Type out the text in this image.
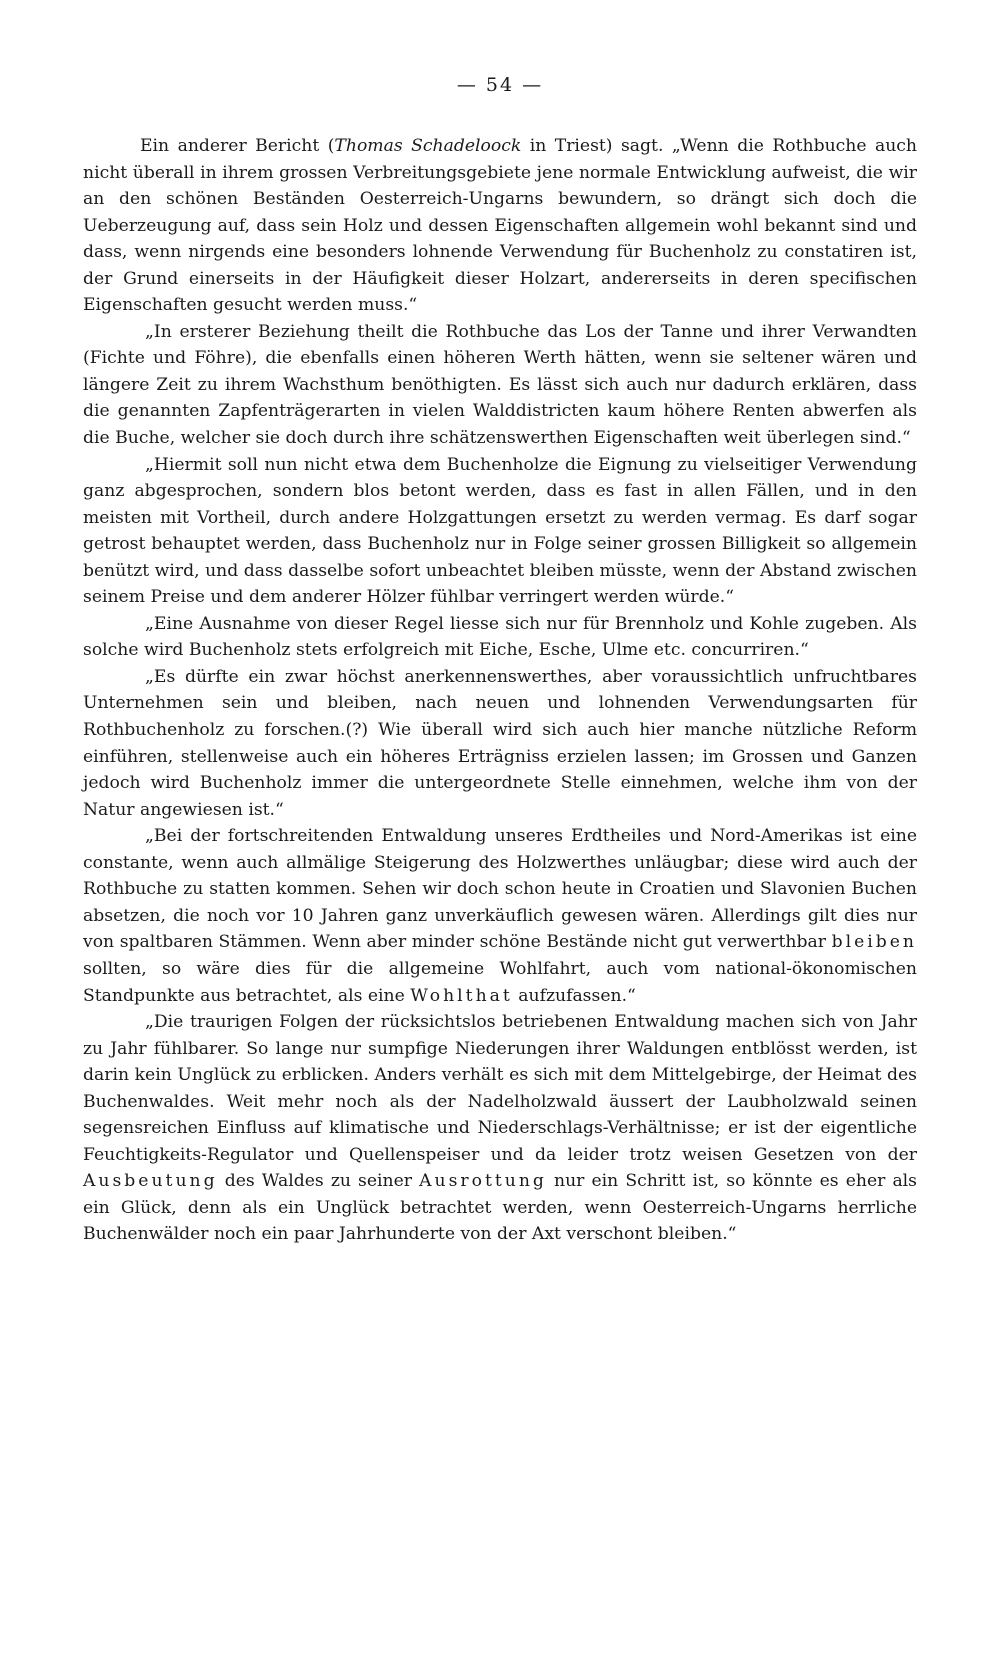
— 54 —

Ein anderer Bericht (Thomas Schadeloock in Triest) sagt. „Wenn die Rothbuche auch nicht überall in ihrem grossen Verbreitungsgebiete jene normale Entwicklung aufweist, die wir an den schönen Beständen Oesterreich-Ungarns bewundern, so drängt sich doch die Ueberzeugung auf, dass sein Holz und dessen Eigenschaften allgemein wohl bekannt sind und dass, wenn nirgends eine besonders lohnende Verwendung für Buchenholz zu constatiren ist, der Grund einerseits in der Häufigkeit dieser Holzart, andererseits in deren specifischen Eigenschaften gesucht werden muss.“

„In ersterer Beziehung theilt die Rothbuche das Los der Tanne und ihrer Verwandten (Fichte und Föhre), die ebenfalls einen höheren Werth hätten, wenn sie seltener wären und längere Zeit zu ihrem Wachsthum benöthigten. Es lässt sich auch nur dadurch erklären, dass die genannten Zapfenträgerarten in vielen Walddistricten kaum höhere Renten abwerfen als die Buche, welcher sie doch durch ihre schätzenswerthen Eigenschaften weit überlegen sind.“

„Hiermit soll nun nicht etwa dem Buchenholze die Eignung zu vielseitiger Verwendung ganz abgesprochen, sondern blos betont werden, dass es fast in allen Fällen, und in den meisten mit Vortheil, durch andere Holzgattungen ersetzt zu werden vermag. Es darf sogar getrost behauptet werden, dass Buchenholz nur in Folge seiner grossen Billigkeit so allgemein benützt wird, und dass dasselbe sofort unbeachtet bleiben müsste, wenn der Abstand zwischen seinem Preise und dem anderer Hölzer fühlbar verringert werden würde.“

„Eine Ausnahme von dieser Regel liesse sich nur für Brennholz und Kohle zugeben. Als solche wird Buchenholz stets erfolgreich mit Eiche, Esche, Ulme etc. concurriren.“

„Es dürfte ein zwar höchst anerkennenswerthes, aber voraussichtlich unfruchtbares Unternehmen sein und bleiben, nach neuen und lohnenden Verwendungsarten für Rothbuchenholz zu forschen.(?) Wie überall wird sich auch hier manche nützliche Reform einführen, stellenweise auch ein höheres Erträgniss erzielen lassen; im Grossen und Ganzen jedoch wird Buchenholz immer die untergeordnete Stelle einnehmen, welche ihm von der Natur angewiesen ist.“

„Bei der fortschreitenden Entwaldung unseres Erdtheiles und Nord-Amerikas ist eine constante, wenn auch allmälige Steigerung des Holzwerthes unläugbar; diese wird auch der Rothbuche zu statten kommen. Sehen wir doch schon heute in Croatien und Slavonien Buchen absetzen, die noch vor 10 Jahren ganz unverkäuflich gewesen wären. Allerdings gilt dies nur von spaltbaren Stämmen. Wenn aber minder schöne Bestände nicht gut verwerthbar bleiben sollten, so wäre dies für die allgemeine Wohlfahrt, auch vom national-ökonomischen Standpunkte aus betrachtet, als eine Wohlthat aufzufassen.“

„Die traurigen Folgen der rücksichtslos betriebenen Entwaldung machen sich von Jahr zu Jahr fühlbarer. So lange nur sumpfige Niederungen ihrer Waldungen entblösst werden, ist darin kein Unglück zu erblicken. Anders verhält es sich mit dem Mittelgebirge, der Heimat des Buchenwaldes. Weit mehr noch als der Nadelholzwald äussert der Laubholzwald seinen segensreichen Einfluss auf klimatische und Niederschlags-Verhältnisse; er ist der eigentliche Feuchtigkeits-Regulator und Quellenspeiser und da leider trotz weisen Gesetzen von der Ausbeutung des Waldes zu seiner Ausrottung nur ein Schritt ist, so könnte es eher als ein Glück, denn als ein Unglück betrachtet werden, wenn Oesterreich-Ungarns herrliche Buchenwälder noch ein paar Jahrhunderte von der Axt verschont bleiben.“
